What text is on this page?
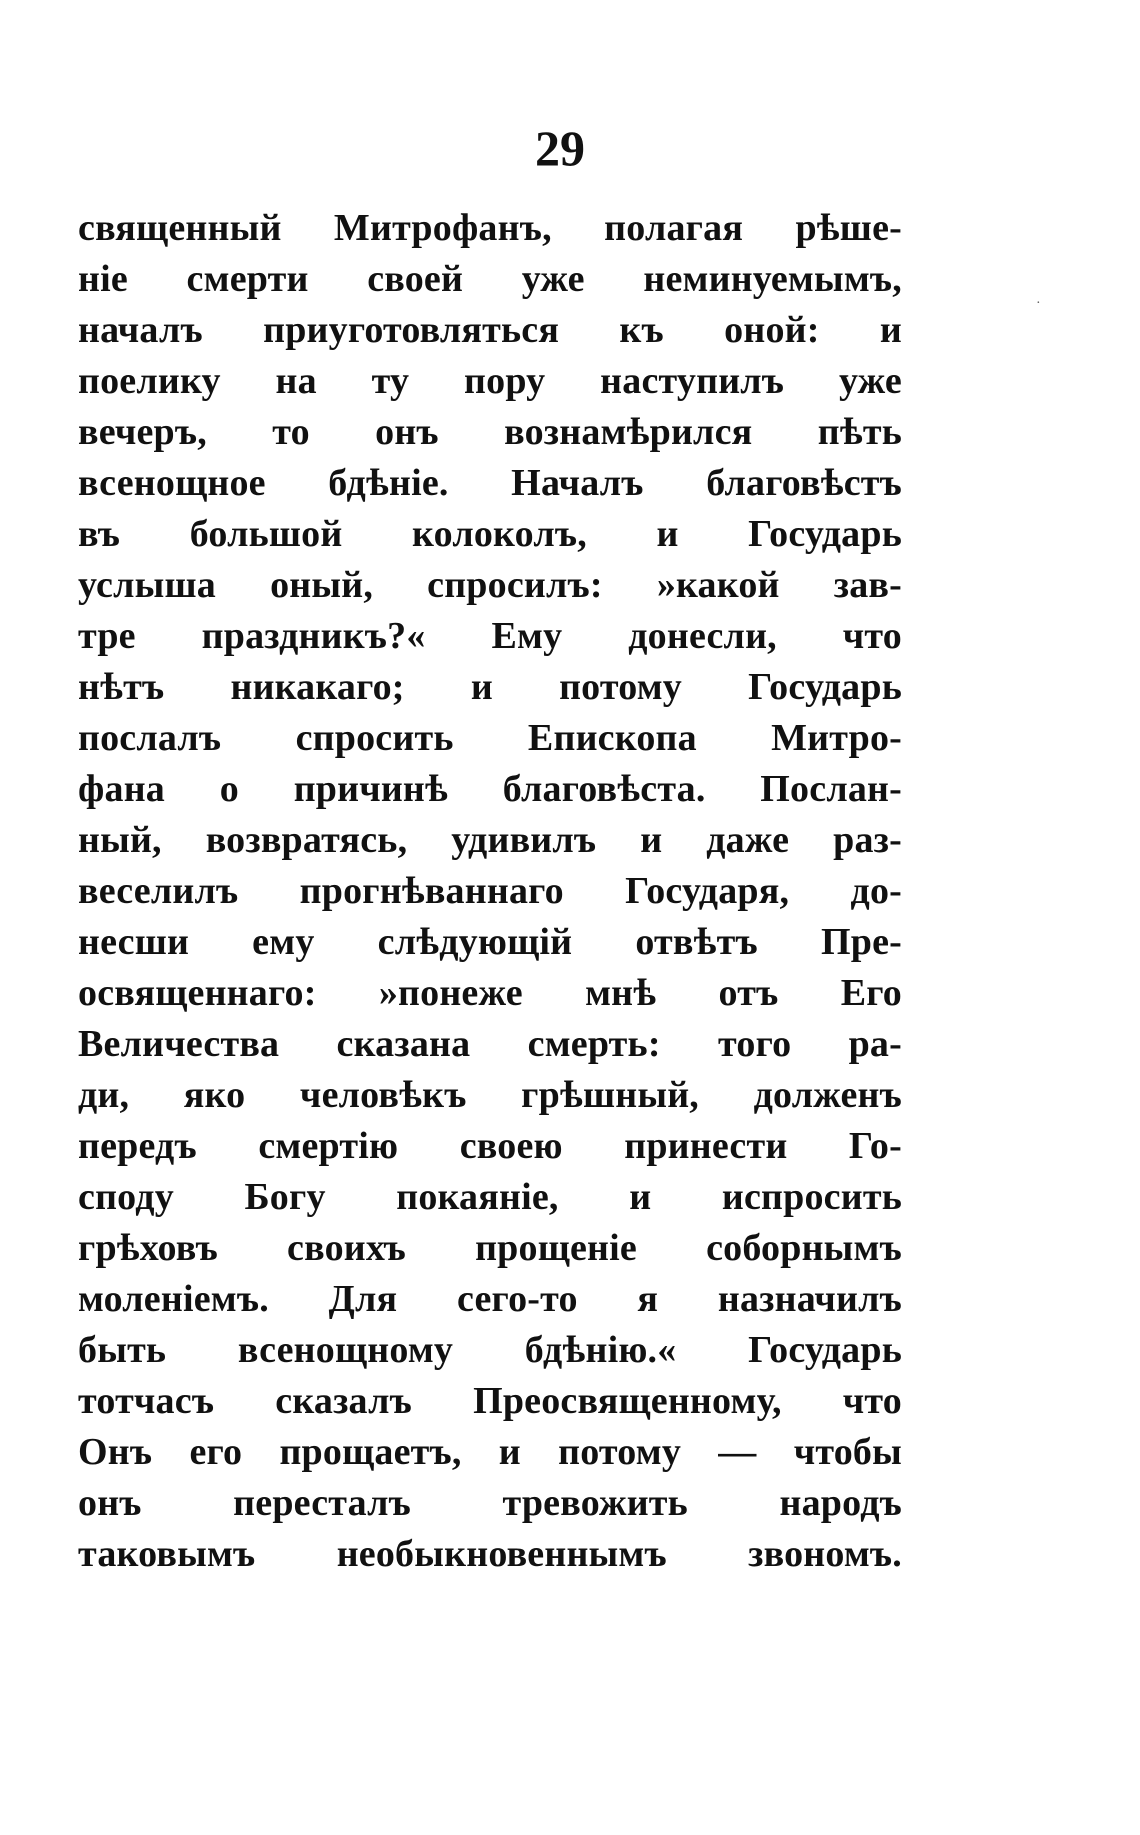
29
·
священный Митрофанъ, полагая рѣше-
нiе смерти своей уже неминуемымъ,
началъ приуготовляться къ оной: и
поелику на ту пору наступилъ уже
вечеръ, то онъ вознамѣрился пѣть
всенощное бдѣнiе. Началъ благовѣстъ
въ большой колоколъ, и Государь
услыша оный, спросилъ: »какой зав-
тре праздникъ?« Ему донесли, что
нѣтъ никакаго; и потому Государь
послалъ спросить Епископа Митро-
фана о причинѣ благовѣста. Послан-
ный, возвратясь, удивилъ и даже раз-
веселилъ прогнѣваннаго Государя, до-
несши ему слѣдующiй отвѣтъ Пре-
освященнаго: »понеже мнѣ отъ Его
Величества сказана смерть: того ра-
ди, яко человѣкъ грѣшный, долженъ
передъ смертiю своею принести Го-
споду Богу покаянiе, и испросить
грѣховъ своихъ прощенiе соборнымъ
моленiемъ. Для сего-то я назначилъ
быть всенощному бдѣнiю.« Государь
тотчасъ сказалъ Преосвященному, что
Онъ его прощаетъ, и потому — чтобы
онъ пересталъ тревожить народъ
таковымъ необыкновеннымъ звономъ.
